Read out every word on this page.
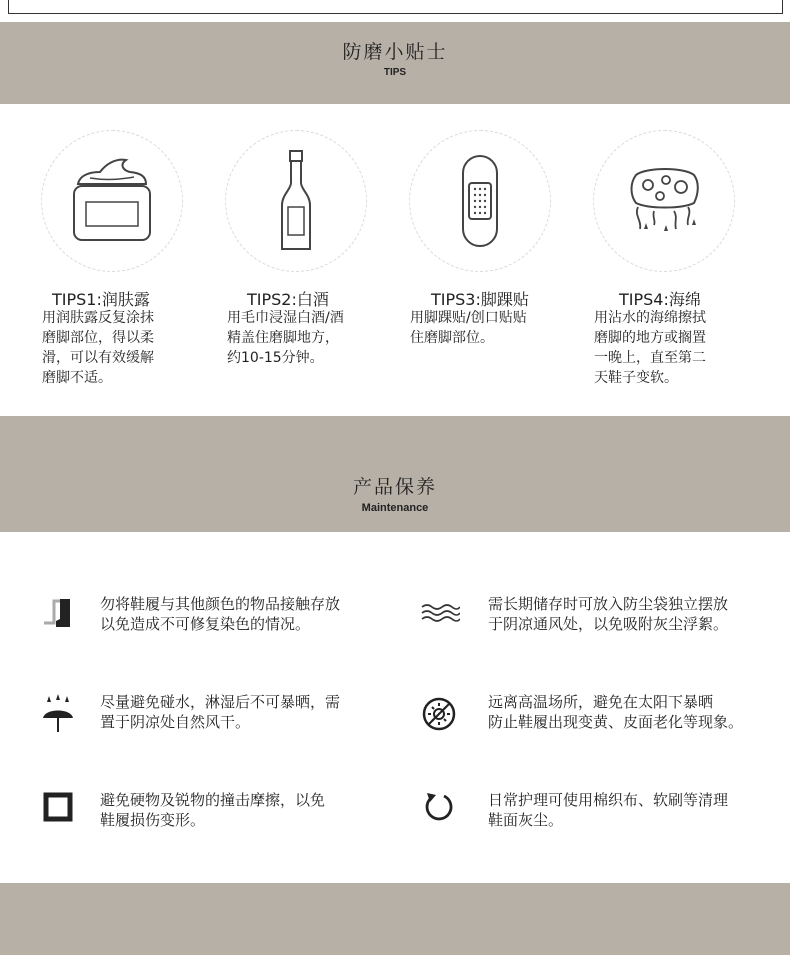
防磨小贴士
TIPS
TIPS1:润肤露
用润肤露反复涂抹
磨脚部位，得以柔
滑，可以有效缓解
磨脚不适。
TIPS2:白酒
用毛巾浸湿白酒/酒
精盖住磨脚地方，
约10-15分钟。
TIPS3:脚踝贴
用脚踝贴/创口贴贴
住磨脚部位。
TIPS4:海绵
用沾水的海绵擦拭
磨脚的地方或搁置
一晚上，直至第二
天鞋子变软。
产品保养
Maintenance
勿将鞋履与其他颜色的物品接触存放
以免造成不可修复染色的情况。
需长期储存时可放入防尘袋独立摆放
于阴凉通风处，以免吸附灰尘浮絮。
尽量避免碰水，淋湿后不可暴晒，需
置于阴凉处自然风干。
远离高温场所，避免在太阳下暴晒
防止鞋履出现变黄、皮面老化等现象。
避免硬物及锐物的撞击摩擦，以免
鞋履损伤变形。
日常护理可使用棉织布、软刷等清理
鞋面灰尘。
